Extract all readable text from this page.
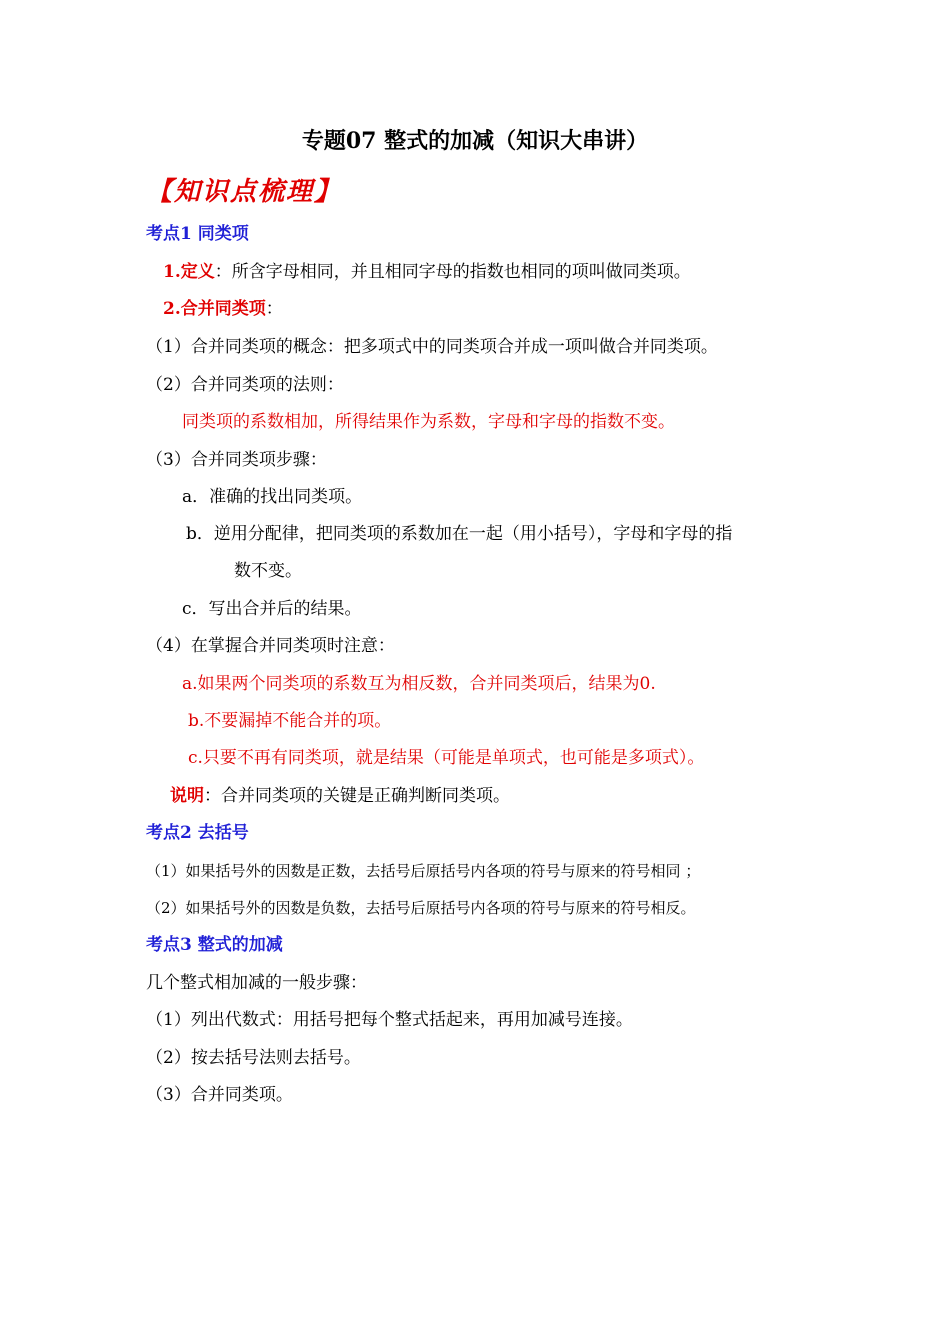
专题07 整式的加减（知识大串讲）
【知识点梳理】
考点1 同类项
1.定义：所含字母相同，并且相同字母的指数也相同的项叫做同类项。
2.合并同类项：
（1）合并同类项的概念：把多项式中的同类项合并成一项叫做合并同类项。
（2）合并同类项的法则：
同类项的系数相加，所得结果作为系数，字母和字母的指数不变。
（3）合并同类项步骤：
a．准确的找出同类项。
b．逆用分配律，把同类项的系数加在一起（用小括号），字母和字母的指
数不变。
c．写出合并后的结果。
（4）在掌握合并同类项时注意：
a.如果两个同类项的系数互为相反数，合并同类项后，结果为0.
b.不要漏掉不能合并的项。
c.只要不再有同类项，就是结果（可能是单项式，也可能是多项式）。
说明：合并同类项的关键是正确判断同类项。
考点2 去括号
（1）如果括号外的因数是正数，去括号后原括号内各项的符号与原来的符号相同 ；
（2）如果括号外的因数是负数，去括号后原括号内各项的符号与原来的符号相反。
考点3 整式的加减
几个整式相加减的一般步骤：
（1）列出代数式：用括号把每个整式括起来，再用加减号连接。
（2）按去括号法则去括号。
（3）合并同类项。
